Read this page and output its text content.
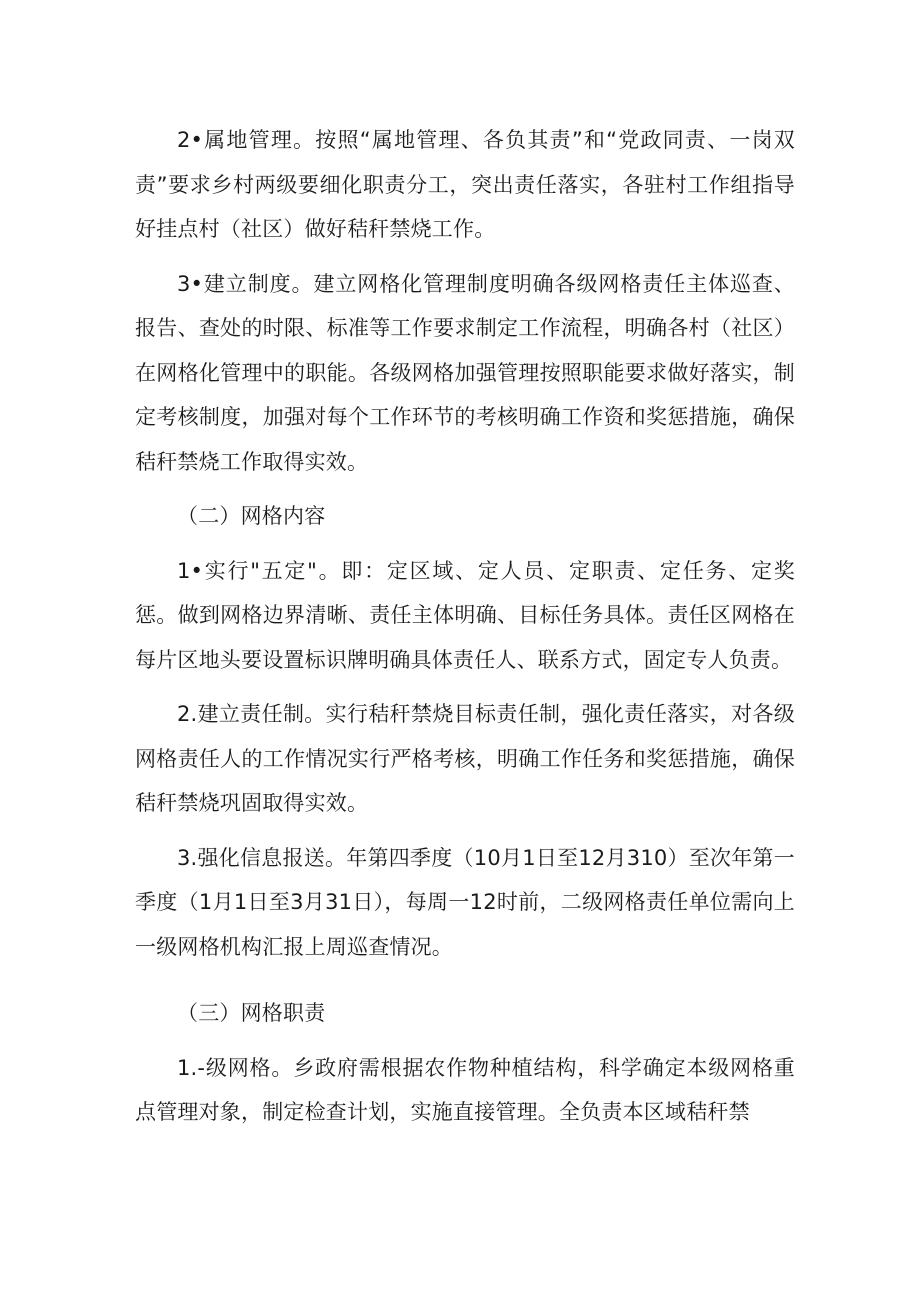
2•属地管理。按照“属地管理、各负其责”和“党政同责、一岗双责”要求乡村两级要细化职责分工，突出责任落实，各驻村工作组指导好挂点村（社区）做好秸秆禁烧工作。

3•建立制度。建立网格化管理制度明确各级网格责任主体巡查、报告、查处的时限、标准等工作要求制定工作流程，明确各村（社区）在网格化管理中的职能。各级网格加强管理按照职能要求做好落实，制定考核制度，加强对每个工作环节的考核明确工作资和奖惩措施，确保秸秆禁烧工作取得实效。

（二）网格内容

1•实行"五定"。即：定区域、定人员、定职责、定任务、定奖惩。做到网格边界清晰、责任主体明确、目标任务具体。责任区网格在每片区地头要设置标识牌明确具体责任人、联系方式，固定专人负责。

2.建立责任制。实行秸秆禁烧目标责任制，强化责任落实，对各级网格责任人的工作情况实行严格考核，明确工作任务和奖惩措施，确保秸秆禁烧巩固取得实效。

3.强化信息报送。年第四季度（10月1日至12月310）至次年第一季度（1月1日至3月31日），每周一12时前，二级网格责任单位需向上一级网格机构汇报上周巡查情况。

（三）网格职责

1.-级网格。乡政府需根据农作物种植结构，科学确定本级网格重点管理对象，制定检查计划，实施直接管理。全负责本区域秸秆禁
